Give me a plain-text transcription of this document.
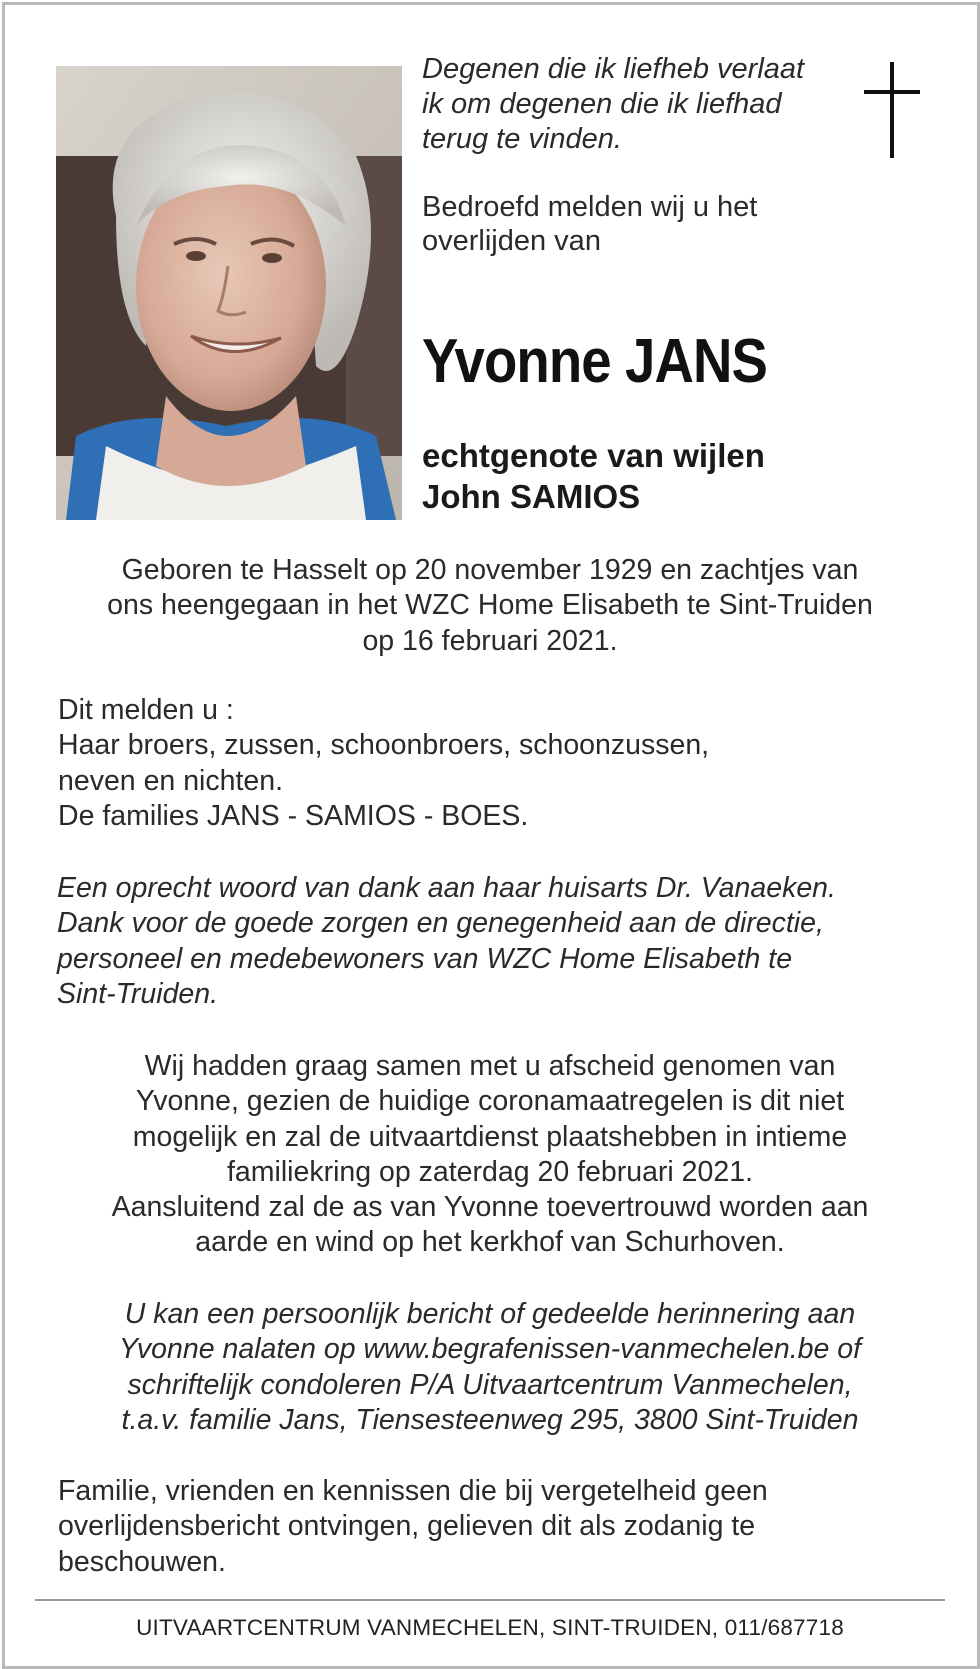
Degenen die ik liefheb verlaat
ik om degenen die ik liefhad
terug te vinden.
Bedroefd melden wij u het
overlijden van
Yvonne JANS
echtgenote van wijlen
John SAMIOS
Geboren te Hasselt op 20 november 1929 en zachtjes van
ons heengegaan in het WZC Home Elisabeth te Sint-Truiden
op 16 februari 2021.
Dit melden u :
Haar broers, zussen, schoonbroers, schoonzussen,
neven en nichten.
De families JANS - SAMIOS - BOES.
Een oprecht woord van dank aan haar huisarts Dr. Vanaeken.
Dank voor de goede zorgen en genegenheid aan de directie,
personeel en medebewoners van WZC Home Elisabeth te
Sint-Truiden.
Wij hadden graag samen met u afscheid genomen van
Yvonne, gezien de huidige coronamaatregelen is dit niet
mogelijk en zal de uitvaartdienst plaatshebben in intieme
familiekring op zaterdag 20 februari 2021.
Aansluitend zal de as van Yvonne toevertrouwd worden aan
aarde en wind op het kerkhof van Schurhoven.
U kan een persoonlijk bericht of gedeelde herinnering aan
Yvonne nalaten op www.begrafenissen-vanmechelen.be of
schriftelijk condoleren P/A Uitvaartcentrum Vanmechelen,
t.a.v. familie Jans, Tiensesteenweg 295, 3800 Sint-Truiden
Familie, vrienden en kennissen die bij vergetelheid geen
overlijdensbericht ontvingen, gelieven dit als zodanig te
beschouwen.
UITVAARTCENTRUM VANMECHELEN, SINT-TRUIDEN, 011/687718
